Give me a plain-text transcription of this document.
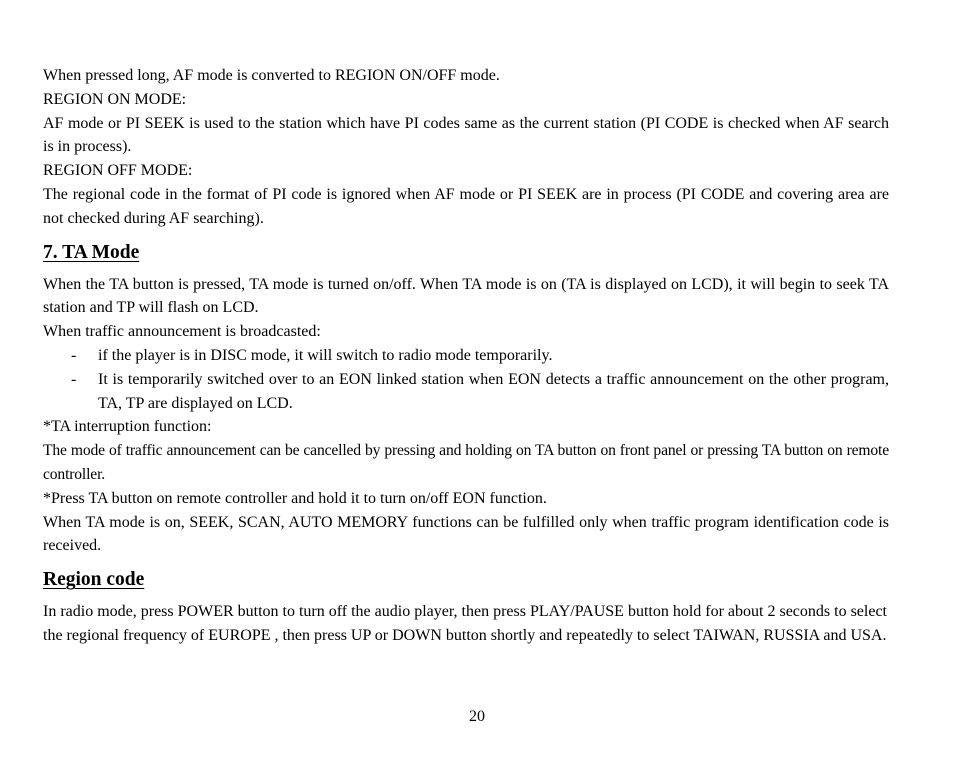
When pressed long, AF mode is converted to REGION ON/OFF mode.

REGION ON MODE:

AF mode or PI SEEK is used to the station which have PI codes same as the current station (PI CODE is checked when AF search is in process).

REGION OFF MODE:

The regional code in the format of PI code is ignored when AF mode or PI SEEK are in process (PI CODE and covering area are not checked during AF searching).

7. TA Mode

When the TA button is pressed, TA mode is turned on/off. When TA mode is on (TA is displayed on LCD), it will begin to seek TA station and TP will flash on LCD.

When traffic announcement is broadcasted:

-	if the player is in DISC mode, it will switch to radio mode temporarily.
-	It is temporarily switched over to an EON linked station when EON detects a traffic announcement on the other program, TA, TP are displayed on LCD.

*TA interruption function:

The mode of traffic announcement can be cancelled by pressing and holding on TA button on front panel or pressing TA button on remote controller.

*Press TA button on remote controller and hold it to turn on/off EON function.

When TA mode is on, SEEK, SCAN, AUTO MEMORY functions can be fulfilled only when traffic program identification code is received.

Region code

In radio mode, press POWER button to turn off the audio player, then press PLAY/PAUSE button hold for about 2 seconds to select the regional frequency of EUROPE , then press UP or DOWN button shortly and repeatedly to select TAIWAN, RUSSIA and USA.

20
